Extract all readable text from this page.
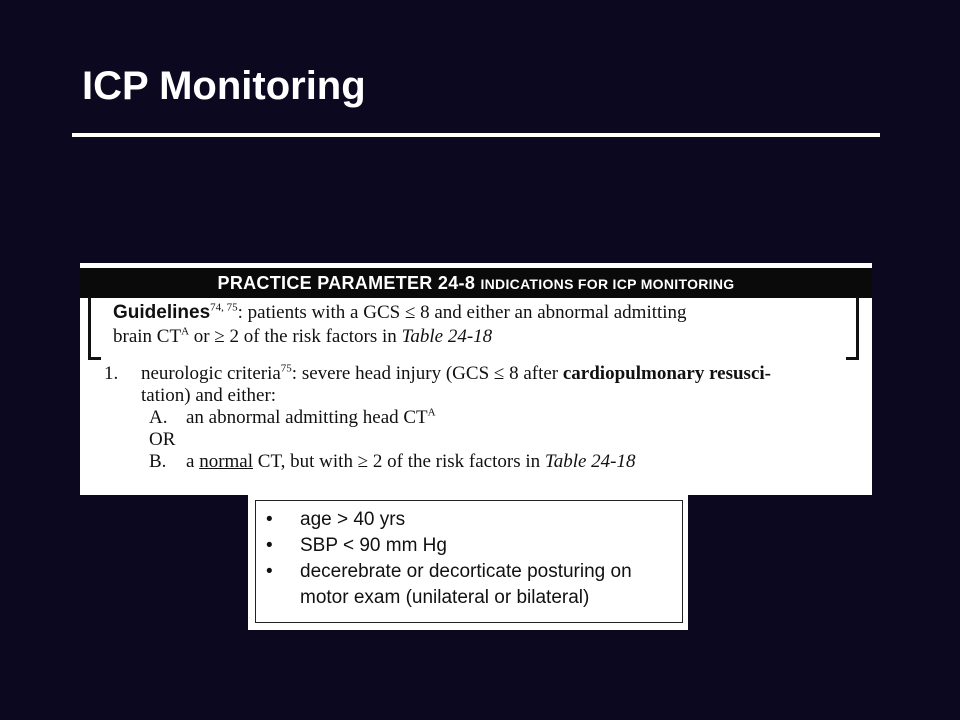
ICP Monitoring
PRACTICE PARAMETER 24-8 INDICATIONS FOR ICP MONITORING
Guidelines$^{74, 75}$: patients with a GCS ≤ 8 and either an abnormal admitting
brain $CT^A$ or ≥ 2 of the risk factors in Table 24-18
1. neurologic criteria$^{75}$: severe head injury (GCS ≤ 8 after cardiopulmonary resusci-
tation) and either:
A. an abnormal admitting head $CT^A$
OR
B. a normal CT, but with ≥ 2 of the risk factors in Table 24-18
• age > 40 yrs
• SBP < 90 mm Hg
• decerebrate or decorticate posturing on motor exam (unilateral or bilateral)
